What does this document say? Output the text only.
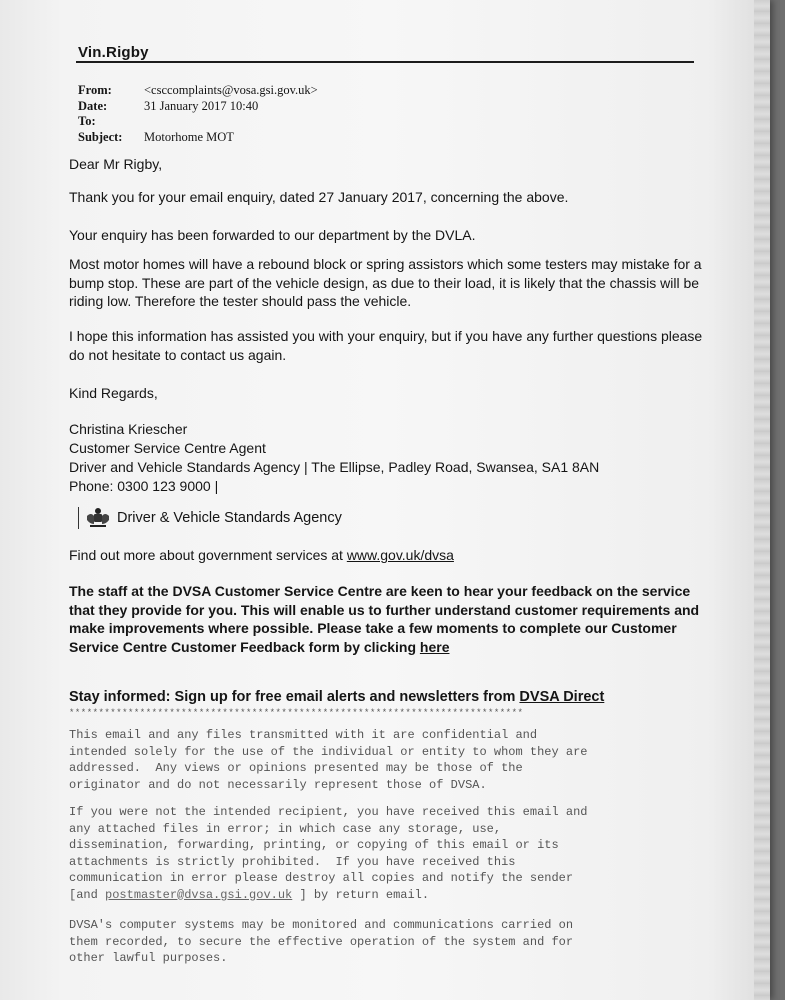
Vin.Rigby
From:	<csccomplaints@vosa.gsi.gov.uk>
Date:	31 January 2017 10:40
To:
Subject:	Motorhome MOT
Dear Mr Rigby,
Thank you for your email enquiry, dated 27 January 2017, concerning the above.
Your enquiry has been forwarded to our department by the DVLA.
Most motor homes will have a rebound block or spring assistors which some testers may mistake for a bump stop. These are part of the vehicle design, as due to their load, it is likely that the chassis will be riding low. Therefore the tester should pass the vehicle.
I hope this information has assisted you with your enquiry, but if you have any further questions please do not hesitate to contact us again.
Kind Regards,
Christina Kriescher
Customer Service Centre Agent
Driver and Vehicle Standards Agency | The Ellipse, Padley Road, Swansea, SA1 8AN
Phone: 0300 123 9000 |
Driver & Vehicle Standards Agency
Find out more about government services at www.gov.uk/dvsa
The staff at the DVSA Customer Service Centre are keen to hear your feedback on the service that they provide for you. This will enable us to further understand customer requirements and make improvements where possible. Please take a few moments to complete our Customer Service Centre Customer Feedback form by clicking here
Stay informed: Sign up for free email alerts and newsletters from DVSA Direct
*****************************************************************************
This email and any files transmitted with it are confidential and
intended solely for the use of the individual or entity to whom they are
addressed.  Any views or opinions presented may be those of the
originator and do not necessarily represent those of DVSA.
If you were not the intended recipient, you have received this email and
any attached files in error; in which case any storage, use,
dissemination, forwarding, printing, or copying of this email or its
attachments is strictly prohibited.  If you have received this
communication in error please destroy all copies and notify the sender
[and postmaster@dvsa.gsi.gov.uk ] by return email.
DVSA's computer systems may be monitored and communications carried on
them recorded, to secure the effective operation of the system and for
other lawful purposes.
